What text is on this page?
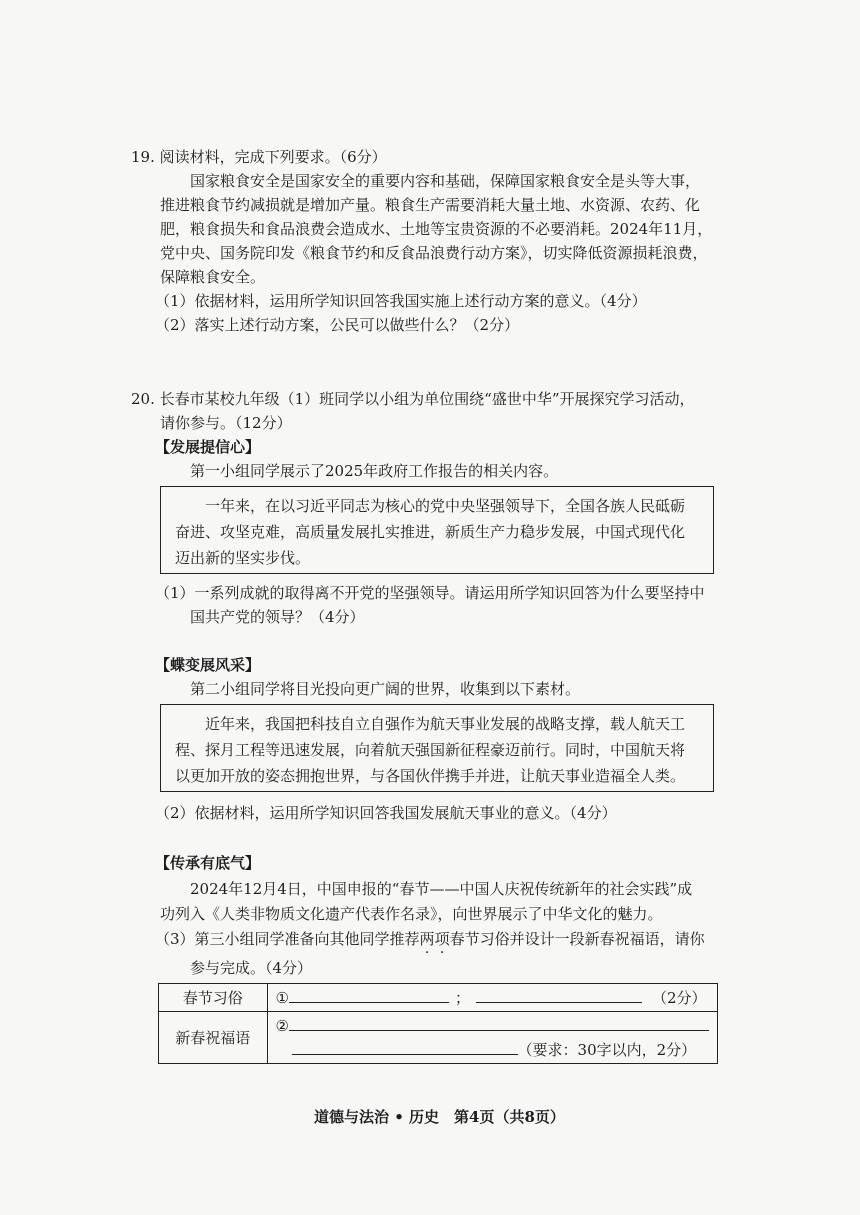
19. 阅读材料，完成下列要求。（6分）
国家粮食安全是国家安全的重要内容和基础，保障国家粮食安全是头等大事，
推进粮食节约减损就是增加产量。粮食生产需要消耗大量土地、水资源、农药、化
肥，粮食损失和食品浪费会造成水、土地等宝贵资源的不必要消耗。2024年11月，
党中央、国务院印发《粮食节约和反食品浪费行动方案》，切实降低资源损耗浪费，
保障粮食安全。
（1）依据材料，运用所学知识回答我国实施上述行动方案的意义。（4分）
（2）落实上述行动方案，公民可以做些什么？（2分）
20. 长春市某校九年级（1）班同学以小组为单位围绕“盛世中华”开展探究学习活动，
请你参与。（12分）
【发展提信心】
第一小组同学展示了2025年政府工作报告的相关内容。

一年来，在以习近平同志为核心的党中央坚强领导下，全国各族人民砥砺

奋进、攻坚克难，高质量发展扎实推进，新质生产力稳步发展，中国式现代化

迈出新的坚实步伐。

（1）一系列成就的取得离不开党的坚强领导。请运用所学知识回答为什么要坚持中
国共产党的领导？（4分）
【蝶变展风采】
第二小组同学将目光投向更广阔的世界，收集到以下素材。

近年来，我国把科技自立自强作为航天事业发展的战略支撑，载人航天工

程、探月工程等迅速发展，向着航天强国新征程豪迈前行。同时，中国航天将

以更加开放的姿态拥抱世界，与各国伙伴携手并进，让航天事业造福全人类。

（2）依据材料，运用所学知识回答我国发展航天事业的意义。（4分）
【传承有底气】
2024年12月4日，中国申报的“春节——中国人庆祝传统新年的社会实践”成
功列入《人类非物质文化遗产代表作名录》，向世界展示了中华文化的魅力。
（3）第三小组同学准备向其他同学推荐两项春节习俗并设计一段新春祝福语，请你
参与完成。（4分）
春节习俗	① ； （2分）
新春祝福语	②
（要求：30字以内，2分）
道德与法治 • 历史　第4页（共8页）
